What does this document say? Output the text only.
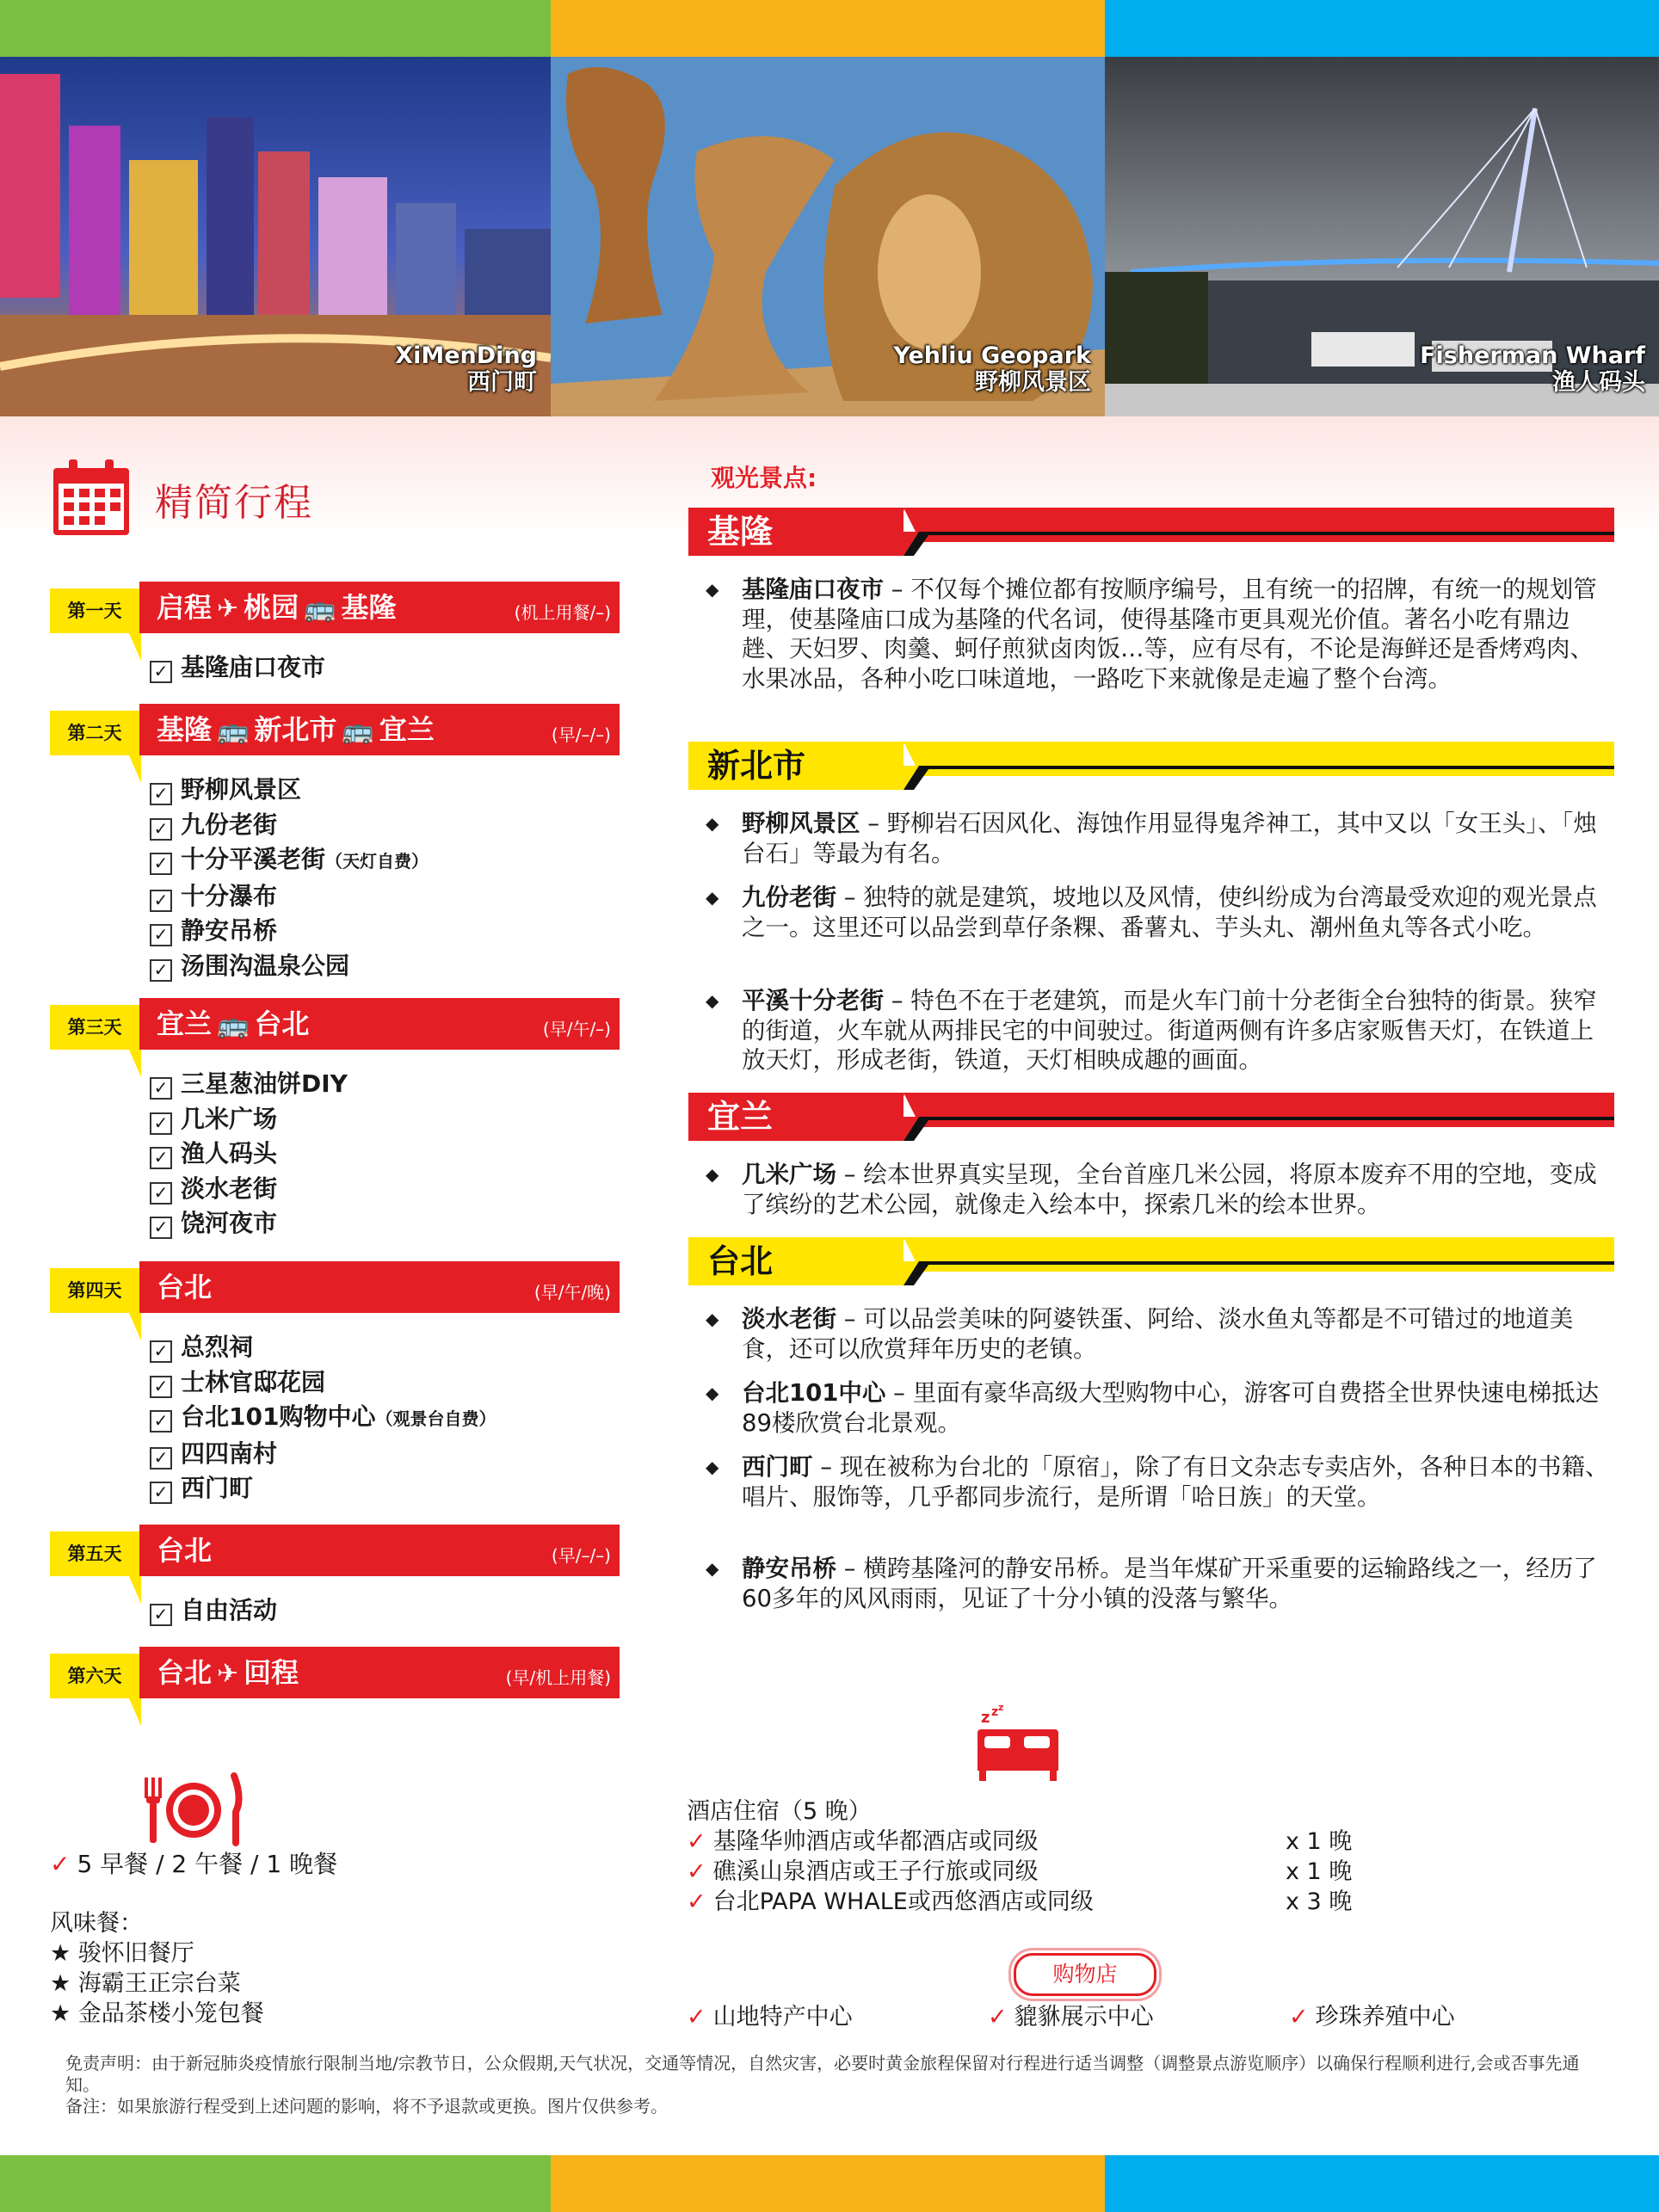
XiMenDing
西门町
Yehliu Geopark
野柳风景区
Fisherman Wharf
渔人码头
精简行程
第一天	启程 ✈ 桃园 🚌 基隆	(机上用餐/–)
✓ 基隆庙口夜市
第二天	基隆 🚌 新北市 🚌 宜兰	(早/–/–)
✓ 野柳风景区
✓ 九份老街
✓ 十分平溪老街（天灯自费）
✓ 十分瀑布
✓ 静安吊桥
✓ 汤围沟温泉公园
第三天	宜兰 🚌 台北	(早/午/–)
✓ 三星葱油饼DIY
✓ 几米广场
✓ 渔人码头
✓ 淡水老街
✓ 饶河夜市
第四天	台北	(早/午/晚)
✓ 总烈祠
✓ 士林官邸花园
✓ 台北101购物中心（观景台自费）
✓ 四四南村
✓ 西门町
第五天	台北	(早/–/–)
✓ 自由活动
第六天	台北 ✈ 回程	(早/机上用餐)
观光景点:
基隆
◆ 基隆庙口夜市 – 不仅每个摊位都有按顺序编号，且有统一的招牌，有统一的规划管理，使基隆庙口成为基隆的代名词，使得基隆市更具观光价值。著名小吃有鼎边趖、天妇罗、肉羹、蚵仔煎狱卤肉饭…等，应有尽有，不论是海鲜还是香烤鸡肉、水果冰品，各种小吃口味道地，一路吃下来就像是走遍了整个台湾。
新北市
◆ 野柳风景区 – 野柳岩石因风化、海蚀作用显得鬼斧神工，其中又以「女王头」、「烛台石」等最为有名。
◆ 九份老街 – 独特的就是建筑，坡地以及风情，使纠纷成为台湾最受欢迎的观光景点之一。这里还可以品尝到草仔条粿、番薯丸、芋头丸、潮州鱼丸等各式小吃。
◆ 平溪十分老街 – 特色不在于老建筑，而是火车门前十分老街全台独特的街景。狭窄的街道，火车就从两排民宅的中间驶过。街道两侧有许多店家贩售天灯，在铁道上放天灯，形成老街，铁道，天灯相映成趣的画面。
宜兰
◆ 几米广场 – 绘本世界真实呈现，全台首座几米公园，将原本废弃不用的空地，变成了缤纷的艺术公园，就像走入绘本中，探索几米的绘本世界。
台北
◆ 淡水老街 – 可以品尝美味的阿婆铁蛋、阿给、淡水鱼丸等都是不可错过的地道美食，还可以欣赏拜年历史的老镇。
◆ 台北101中心 – 里面有豪华高级大型购物中心，游客可自费搭全世界快速电梯抵达89楼欣赏台北景观。
◆ 西门町 – 现在被称为台北的「原宿」，除了有日文杂志专卖店外，各种日本的书籍、唱片、服饰等，几乎都同步流行，是所谓「哈日族」的天堂。
◆ 静安吊桥 – 横跨基隆河的静安吊桥。是当年煤矿开采重要的运输路线之一，经历了60多年的风风雨雨，见证了十分小镇的没落与繁华。
✓ 5 早餐 / 2 午餐 / 1 晚餐
风味餐：
★ 骏怀旧餐厅
★ 海霸王正宗台菜
★ 金品茶楼小笼包餐
z z z
酒店住宿（5 晚）
✓ 基隆华帅酒店或华都酒店或同级	x 1 晚
✓ 礁溪山泉酒店或王子行旅或同级	x 1 晚
✓ 台北PAPA WHALE或西悠酒店或同级	x 3 晚
购物店
✓ 山地特产中心	✓ 貔貅展示中心	✓ 珍珠养殖中心
免责声明：由于新冠肺炎疫情旅行限制当地/宗教节日，公众假期,天气状况，交通等情况，自然灾害，必要时黄金旅程保留对行程进行适当调整（调整景点游览顺序）以确保行程顺利进行,会或否事先通知。
备注：如果旅游行程受到上述问题的影响，将不予退款或更换。图片仅供参考。
